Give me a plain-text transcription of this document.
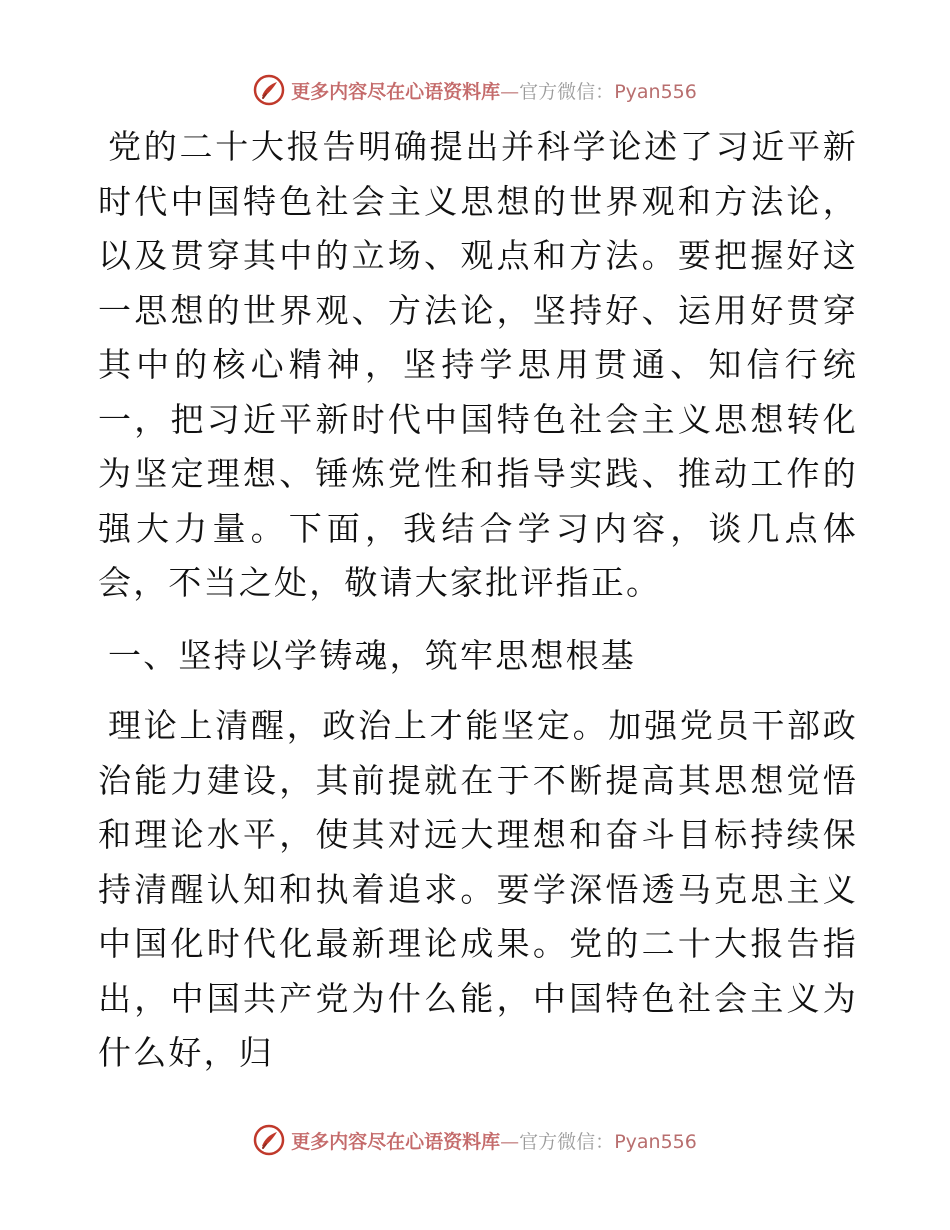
更多内容尽在心语资料库—官方微信：Pyan556

党的二十大报告明确提出并科学论述了习近平新时代中国特色社会主义思想的世界观和方法论，以及贯穿其中的立场、观点和方法。要把握好这一思想的世界观、方法论，坚持好、运用好贯穿其中的核心精神，坚持学思用贯通、知信行统一，把习近平新时代中国特色社会主义思想转化为坚定理想、锤炼党性和指导实践、推动工作的强大力量。下面，我结合学习内容，谈几点体会，不当之处，敬请大家批评指正。

一、坚持以学铸魂，筑牢思想根基

理论上清醒，政治上才能坚定。加强党员干部政治能力建设，其前提就在于不断提高其思想觉悟和理论水平，使其对远大理想和奋斗目标持续保持清醒认知和执着追求。要学深悟透马克思主义中国化时代化最新理论成果。党的二十大报告指出，中国共产党为什么能，中国特色社会主义为什么好，归

更多内容尽在心语资料库—官方微信：Pyan556
